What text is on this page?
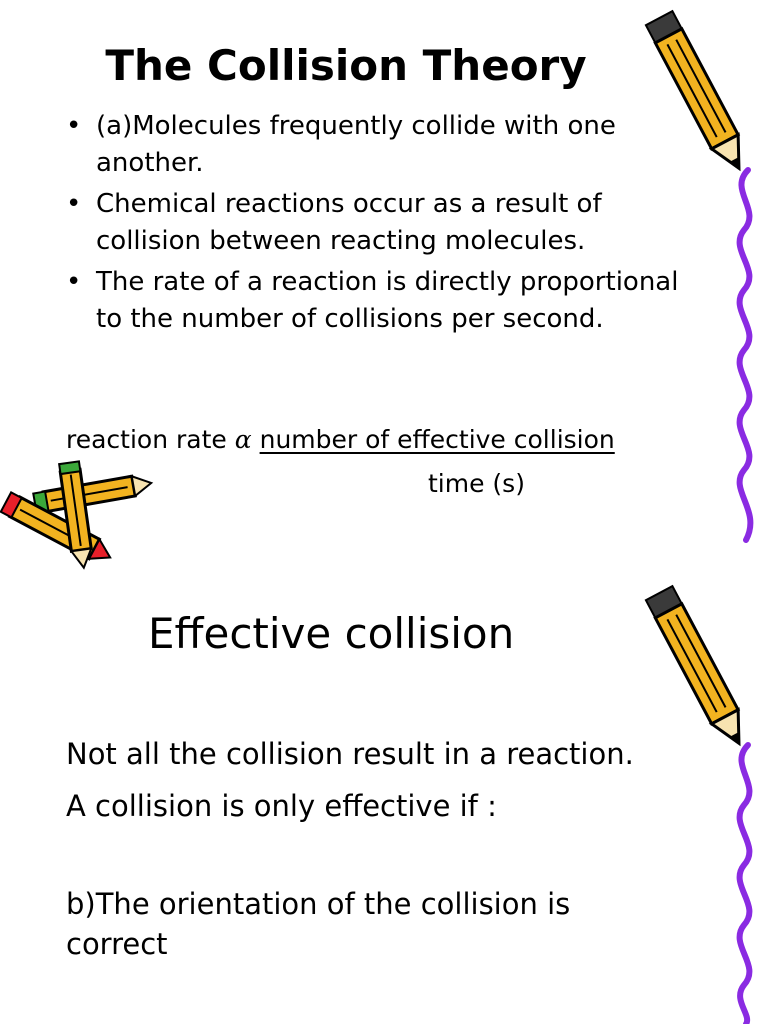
The Collision Theory
• (a)Molecules frequently collide with one another.
• Chemical reactions occur as a result of collision between reacting molecules.
• The rate of a reaction is directly proportional to the number of collisions per second.
reaction rate α number of effective collision
time (s)
Effective collision
Not all the collision result in a reaction.
A collision is only effective if :
b)The orientation of the collision is correct
